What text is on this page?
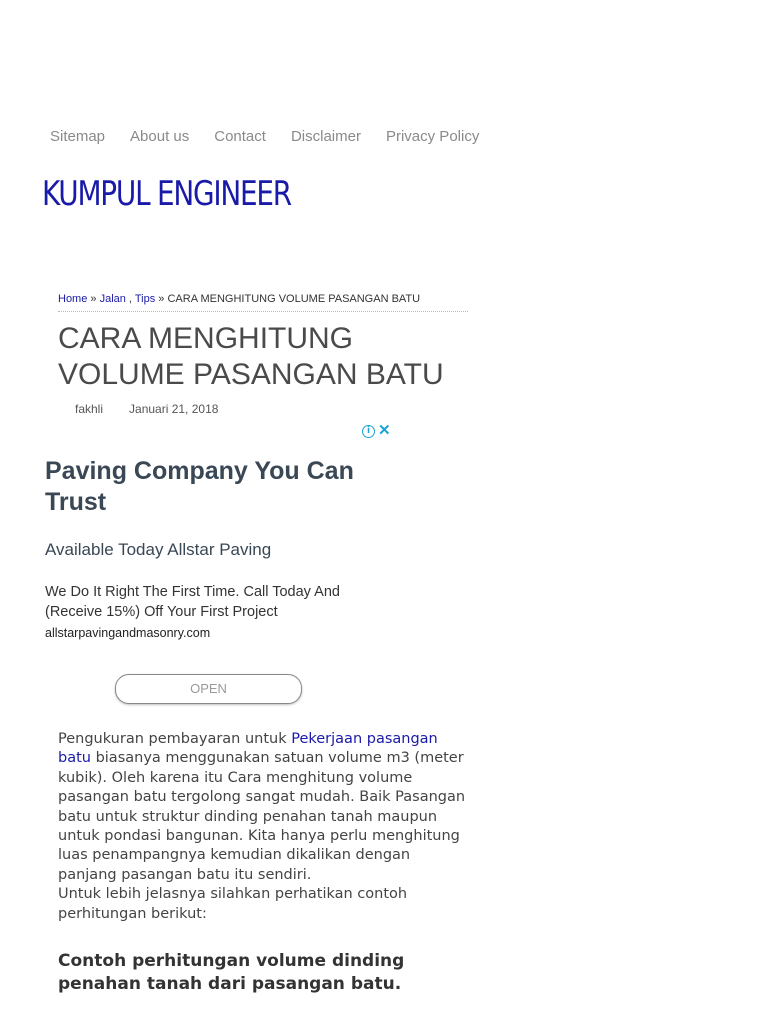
Sitemap About us Contact Disclaimer Privacy Policy
KUMPUL ENGINEER
Home » Jalan , Tips » CARA MENGHITUNG VOLUME PASANGAN BATU
CARA MENGHITUNG VOLUME PASANGAN BATU
fakhli Januari 21, 2018
i ✕
Paving Company You Can Trust
Available Today Allstar Paving
We Do It Right The First Time. Call Today And (Receive 15%) Off Your First Project
allstarpavingandmasonry.com
OPEN

Pengukuran pembayaran untuk Pekerjaan pasangan batu biasanya menggunakan satuan volume m3 (meter kubik). Oleh karena itu Cara menghitung volume pasangan batu tergolong sangat mudah. Baik Pasangan batu untuk struktur dinding penahan tanah maupun untuk pondasi bangunan. Kita hanya perlu menghitung luas penampangnya kemudian dikalikan dengan panjang pasangan batu itu sendiri.

Untuk lebih jelasnya silahkan perhatikan contoh perhitungan berikut:

Contoh perhitungan volume dinding penahan tanah dari pasangan batu.
